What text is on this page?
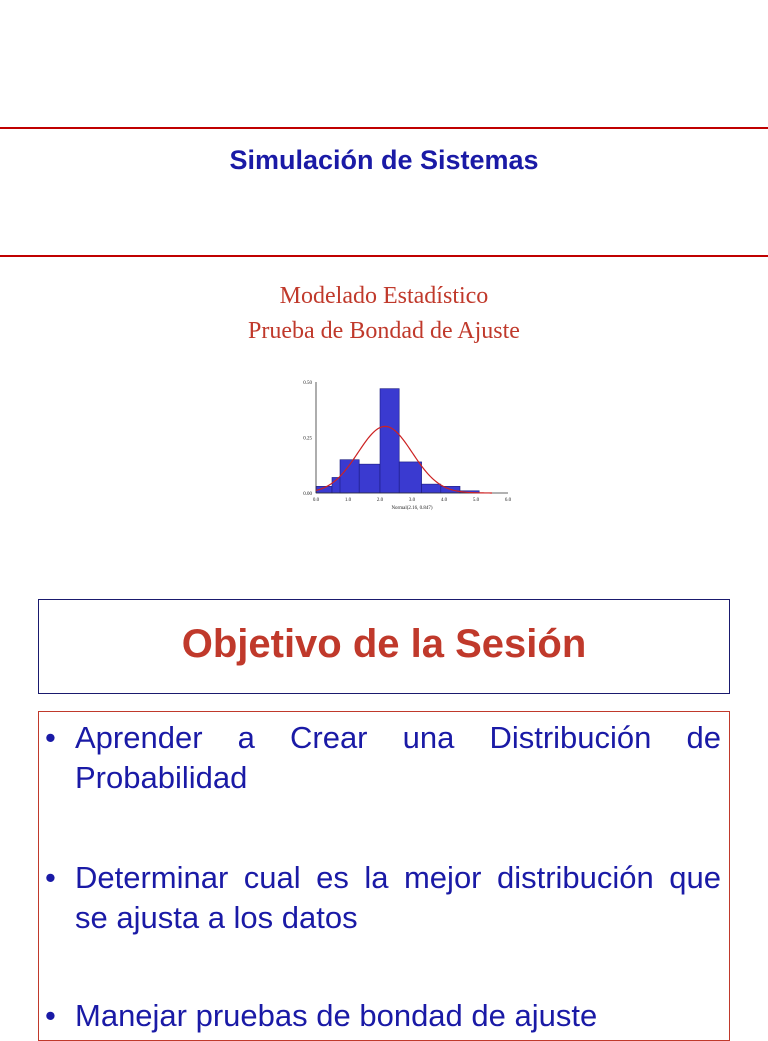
Simulación de Sistemas

Modelado Estadístico

Prueba de Bondad de Ajuste

0.00
0.25
0.50
0.0	1.0	2.0	3.0	4.0	5.0	6.0
Normal(2.16, 0.847)
Objetivo de la Sesión
• Aprender a Crear una Distribución de Probabilidad
• Determinar cual es la mejor distribución que se ajusta a los datos
• Manejar pruebas de bondad de ajuste
